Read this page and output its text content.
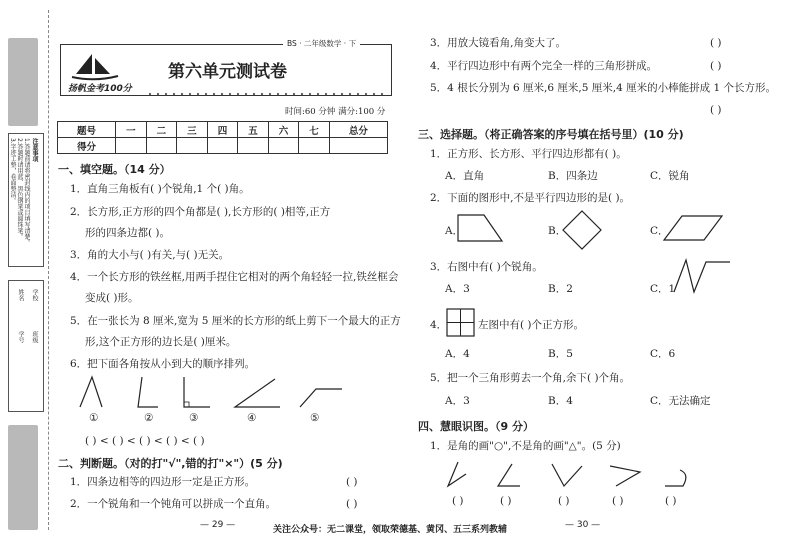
注意事项
1.答题前请将密封线内的项目填写清楚。
2.答题时请用蓝、黑色钢笔或圆珠笔。
3.字迹工整，卷面整洁。
学校
班级
姓名
学号
BS · 二年级数学 · 下
第六单元测试卷
扬帆金考100分
时间:60 分钟 满分:100 分
题号	一	二	三	四	五	六	七	总分
得分								
一、填空题。（14 分）
1．直角三角板有( )个锐角,1 个( )角。
2．长方形,正方形的四个角都是( ),长方形的( )相等,正方
形的四条边都( )。
3．角的大小与( )有关,与( )无关。
4．一个长方形的铁丝框,用两手捏住它相对的两个角轻轻一拉,铁丝框会
变成( )形。
5．在一张长为 8 厘米,宽为 5 厘米的长方形的纸上剪下一个最大的正方
形,这个正方形的边长是( )厘米。
6．把下面各角按从小到大的顺序排列。
①	②	③	④	⑤
( ) < ( ) < ( ) < ( ) < ( )
二、判断题。（对的打"√",错的打"×"）(5 分)
1．四条边相等的四边形一定是正方形。	( )
2．一个锐角和一个钝角可以拼成一个直角。	( )
3．用放大镜看角,角变大了。	( )
4．平行四边形中有两个完全一样的三角形拼成。	( )
5．4 根长分别为 6 厘米,6 厘米,5 厘米,4 厘米的小棒能拼成 1 个长方形。
( )
三、选择题。（将正确答案的序号填在括号里）(10 分)
1．正方形、长方形、平行四边形都有( )。
A．直角	B．四条边	C．锐角
2．下面的图形中,不是平行四边形的是( )。
A．	B．	C．
3．右图中有( )个锐角。
A．3	B．2	C．1
4．	左图中有( )个正方形。
A．4	B．5	C．6
5．把一个三角形剪去一个角,余下( )个角。
A．3	B．4	C．无法确定
四、慧眼识图。（9 分）
1．是角的画"○",不是角的画"△"。(5 分)
( )	( )	( )	( )	( )
— 29 —	关注公众号：无二课堂，领取荣德基、黄冈、五三系列教辅	— 30 —
